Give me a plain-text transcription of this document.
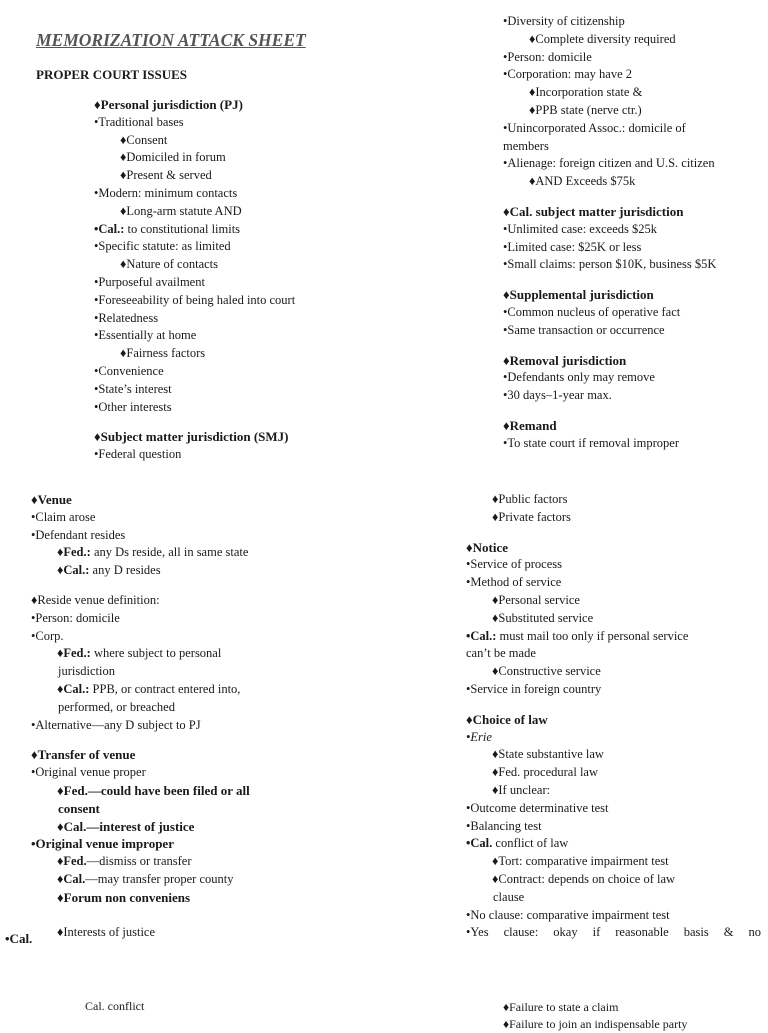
MEMORIZATION ATTACK SHEET
PROPER COURT ISSUES
♦Personal jurisdiction (PJ)
•Traditional bases
♦Consent
♦Domiciled in forum
♦Present & served
•Modern: minimum contacts
♦Long-arm statute AND
•Cal.: to constitutional limits
•Specific statute: as limited
♦Nature of contacts
•Purposeful availment
•Foreseeability of being haled into court
•Relatedness
•Essentially at home
♦Fairness factors
•Convenience
•State’s interest
•Other interests
♦Subject matter jurisdiction (SMJ)
•Federal question
•Diversity of citizenship
♦Complete diversity required
•Person: domicile
•Corporation: may have 2
♦Incorporation state &
♦PPB state (nerve ctr.)
•Unincorporated Assoc.: domicile of
members
•Alienage: foreign citizen and U.S. citizen
♦AND Exceeds $75k
♦Cal. subject matter jurisdiction
•Unlimited case: exceeds $25k
•Limited case: $25K or less
•Small claims: person $10K, business $5K
♦Supplemental jurisdiction
•Common nucleus of operative fact
•Same transaction or occurrence
♦Removal jurisdiction
•Defendants only may remove
•30 days–1-year max.
♦Remand
•To state court if removal improper
♦Venue
•Claim arose
•Defendant resides
♦Fed.: any Ds reside, all in same state
♦Cal.: any D resides
♦Reside venue definition:
•Person: domicile
•Corp.
♦Fed.: where subject to personal
jurisdiction
♦Cal.: PPB, or contract entered into,
performed, or breached
•Alternative—any D subject to PJ
♦Transfer of venue
•Original venue proper
♦Fed.—could have been filed or all
consent
♦Cal.—interest of justice
•Original venue improper
♦Fed.—dismiss or transfer
♦Cal.—may transfer proper county
♦Forum non conveniens

♦Interests of justice
♦Public factors
♦Private factors
♦Notice
•Service of process
•Method of service
♦Personal service
♦Substituted service
•Cal.: must mail too only if personal service
can’t be made
♦Constructive service
•Service in foreign country
♦Choice of law
•Erie
♦State substantive law
♦Fed. procedural law
♦If unclear:
•Outcome determinative test
•Balancing test
•Cal. conflict of law
♦Tort: comparative impairment test
♦Contract: depends on choice of law
clause
•No clause: comparative impairment test
•Yes clause: okay if reasonable basis & no
•Cal.
Cal. conflict	♦Failure to state a claim
♦Failure to join an indispensable party
